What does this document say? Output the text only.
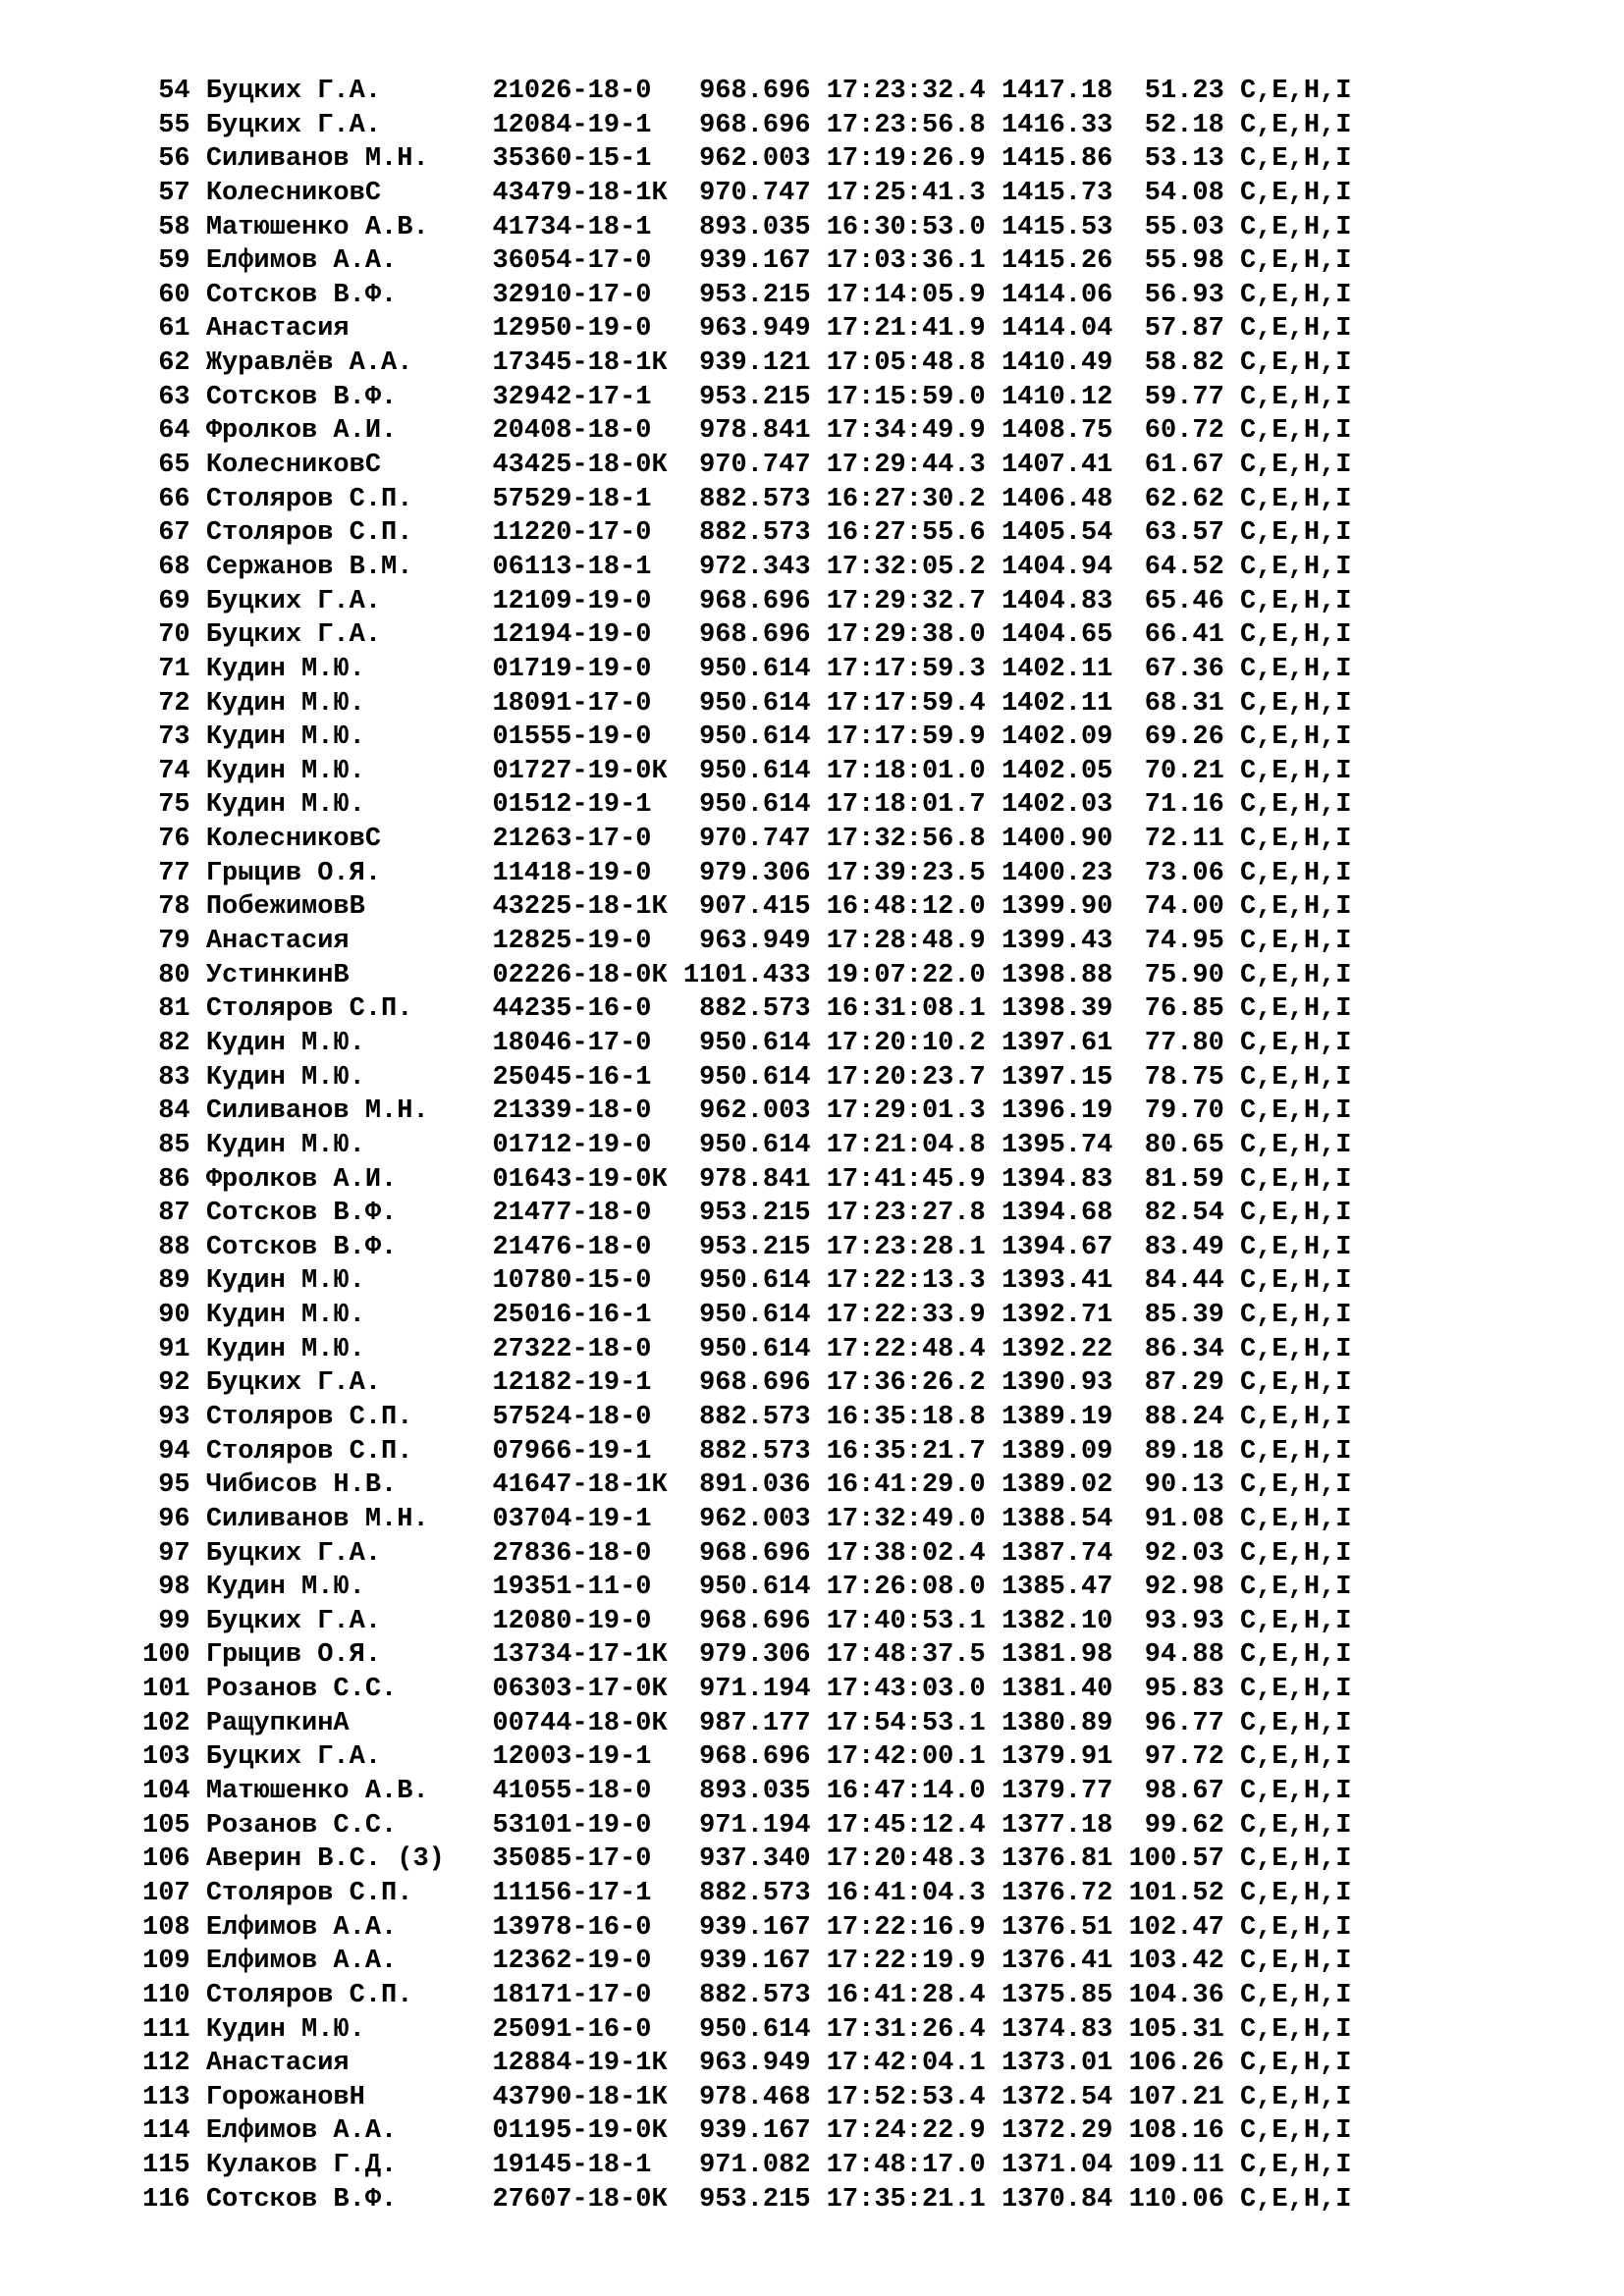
54 Буцких Г.А.       21026-18-0   968.696 17:23:32.4 1417.18  51.23 C,E,H,I
55 Буцких Г.А.       12084-19-1   968.696 17:23:56.8 1416.33  52.18 C,E,H,I
56 Силиванов М.Н.    35360-15-1   962.003 17:19:26.9 1415.86  53.13 C,E,H,I
57 КолесниковС       43479-18-1К  970.747 17:25:41.3 1415.73  54.08 C,E,H,I
58 Матюшенко А.В.    41734-18-1   893.035 16:30:53.0 1415.53  55.03 C,E,H,I
59 Елфимов А.А.      36054-17-0   939.167 17:03:36.1 1415.26  55.98 C,E,H,I
60 Сотсков В.Ф.      32910-17-0   953.215 17:14:05.9 1414.06  56.93 C,E,H,I
61 Анастасия         12950-19-0   963.949 17:21:41.9 1414.04  57.87 C,E,H,I
62 Журавлёв А.А.     17345-18-1К  939.121 17:05:48.8 1410.49  58.82 C,E,H,I
63 Сотсков В.Ф.      32942-17-1   953.215 17:15:59.0 1410.12  59.77 C,E,H,I
64 Фролков А.И.      20408-18-0   978.841 17:34:49.9 1408.75  60.72 C,E,H,I
65 КолесниковС       43425-18-0К  970.747 17:29:44.3 1407.41  61.67 C,E,H,I
66 Столяров С.П.     57529-18-1   882.573 16:27:30.2 1406.48  62.62 C,E,H,I
67 Столяров С.П.     11220-17-0   882.573 16:27:55.6 1405.54  63.57 C,E,H,I
68 Сержанов В.М.     06113-18-1   972.343 17:32:05.2 1404.94  64.52 C,E,H,I
69 Буцких Г.А.       12109-19-0   968.696 17:29:32.7 1404.83  65.46 C,E,H,I
70 Буцких Г.А.       12194-19-0   968.696 17:29:38.0 1404.65  66.41 C,E,H,I
71 Кудин М.Ю.        01719-19-0   950.614 17:17:59.3 1402.11  67.36 C,E,H,I
72 Кудин М.Ю.        18091-17-0   950.614 17:17:59.4 1402.11  68.31 C,E,H,I
73 Кудин М.Ю.        01555-19-0   950.614 17:17:59.9 1402.09  69.26 C,E,H,I
74 Кудин М.Ю.        01727-19-0К  950.614 17:18:01.0 1402.05  70.21 C,E,H,I
75 Кудин М.Ю.        01512-19-1   950.614 17:18:01.7 1402.03  71.16 C,E,H,I
76 КолесниковС       21263-17-0   970.747 17:32:56.8 1400.90  72.11 C,E,H,I
77 Грыцив О.Я.       11418-19-0   979.306 17:39:23.5 1400.23  73.06 C,E,H,I
78 ПобежимовВ        43225-18-1К  907.415 16:48:12.0 1399.90  74.00 C,E,H,I
79 Анастасия         12825-19-0   963.949 17:28:48.9 1399.43  74.95 C,E,H,I
80 УстинкинВ         02226-18-0К 1101.433 19:07:22.0 1398.88  75.90 C,E,H,I
81 Столяров С.П.     44235-16-0   882.573 16:31:08.1 1398.39  76.85 C,E,H,I
82 Кудин М.Ю.        18046-17-0   950.614 17:20:10.2 1397.61  77.80 C,E,H,I
83 Кудин М.Ю.        25045-16-1   950.614 17:20:23.7 1397.15  78.75 C,E,H,I
84 Силиванов М.Н.    21339-18-0   962.003 17:29:01.3 1396.19  79.70 C,E,H,I
85 Кудин М.Ю.        01712-19-0   950.614 17:21:04.8 1395.74  80.65 C,E,H,I
86 Фролков А.И.      01643-19-0К  978.841 17:41:45.9 1394.83  81.59 C,E,H,I
87 Сотсков В.Ф.      21477-18-0   953.215 17:23:27.8 1394.68  82.54 C,E,H,I
88 Сотсков В.Ф.      21476-18-0   953.215 17:23:28.1 1394.67  83.49 C,E,H,I
89 Кудин М.Ю.        10780-15-0   950.614 17:22:13.3 1393.41  84.44 C,E,H,I
90 Кудин М.Ю.        25016-16-1   950.614 17:22:33.9 1392.71  85.39 C,E,H,I
91 Кудин М.Ю.        27322-18-0   950.614 17:22:48.4 1392.22  86.34 C,E,H,I
92 Буцких Г.А.       12182-19-1   968.696 17:36:26.2 1390.93  87.29 C,E,H,I
93 Столяров С.П.     57524-18-0   882.573 16:35:18.8 1389.19  88.24 C,E,H,I
94 Столяров С.П.     07966-19-1   882.573 16:35:21.7 1389.09  89.18 C,E,H,I
95 Чибисов Н.В.      41647-18-1К  891.036 16:41:29.0 1389.02  90.13 C,E,H,I
96 Силиванов М.Н.    03704-19-1   962.003 17:32:49.0 1388.54  91.08 C,E,H,I
97 Буцких Г.А.       27836-18-0   968.696 17:38:02.4 1387.74  92.03 C,E,H,I
98 Кудин М.Ю.        19351-11-0   950.614 17:26:08.0 1385.47  92.98 C,E,H,I
99 Буцких Г.А.       12080-19-0   968.696 17:40:53.1 1382.10  93.93 C,E,H,I
100 Грыцив О.Я.       13734-17-1К  979.306 17:48:37.5 1381.98  94.88 C,E,H,I
101 Розанов С.С.      06303-17-0К  971.194 17:43:03.0 1381.40  95.83 C,E,H,I
102 РащупкинА         00744-18-0К  987.177 17:54:53.1 1380.89  96.77 C,E,H,I
103 Буцких Г.А.       12003-19-1   968.696 17:42:00.1 1379.91  97.72 C,E,H,I
104 Матюшенко А.В.    41055-18-0   893.035 16:47:14.0 1379.77  98.67 C,E,H,I
105 Розанов С.С.      53101-19-0   971.194 17:45:12.4 1377.18  99.62 C,E,H,I
106 Аверин В.С. (3)   35085-17-0   937.340 17:20:48.3 1376.81 100.57 C,E,H,I
107 Столяров С.П.     11156-17-1   882.573 16:41:04.3 1376.72 101.52 C,E,H,I
108 Елфимов А.А.      13978-16-0   939.167 17:22:16.9 1376.51 102.47 C,E,H,I
109 Елфимов А.А.      12362-19-0   939.167 17:22:19.9 1376.41 103.42 C,E,H,I
110 Столяров С.П.     18171-17-0   882.573 16:41:28.4 1375.85 104.36 C,E,H,I
111 Кудин М.Ю.        25091-16-0   950.614 17:31:26.4 1374.83 105.31 C,E,H,I
112 Анастасия         12884-19-1К  963.949 17:42:04.1 1373.01 106.26 C,E,H,I
113 ГорожановН        43790-18-1К  978.468 17:52:53.4 1372.54 107.21 C,E,H,I
114 Елфимов А.А.      01195-19-0К  939.167 17:24:22.9 1372.29 108.16 C,E,H,I
115 Кулаков Г.Д.      19145-18-1   971.082 17:48:17.0 1371.04 109.11 C,E,H,I
116 Сотсков В.Ф.      27607-18-0К  953.215 17:35:21.1 1370.84 110.06 C,E,H,I
